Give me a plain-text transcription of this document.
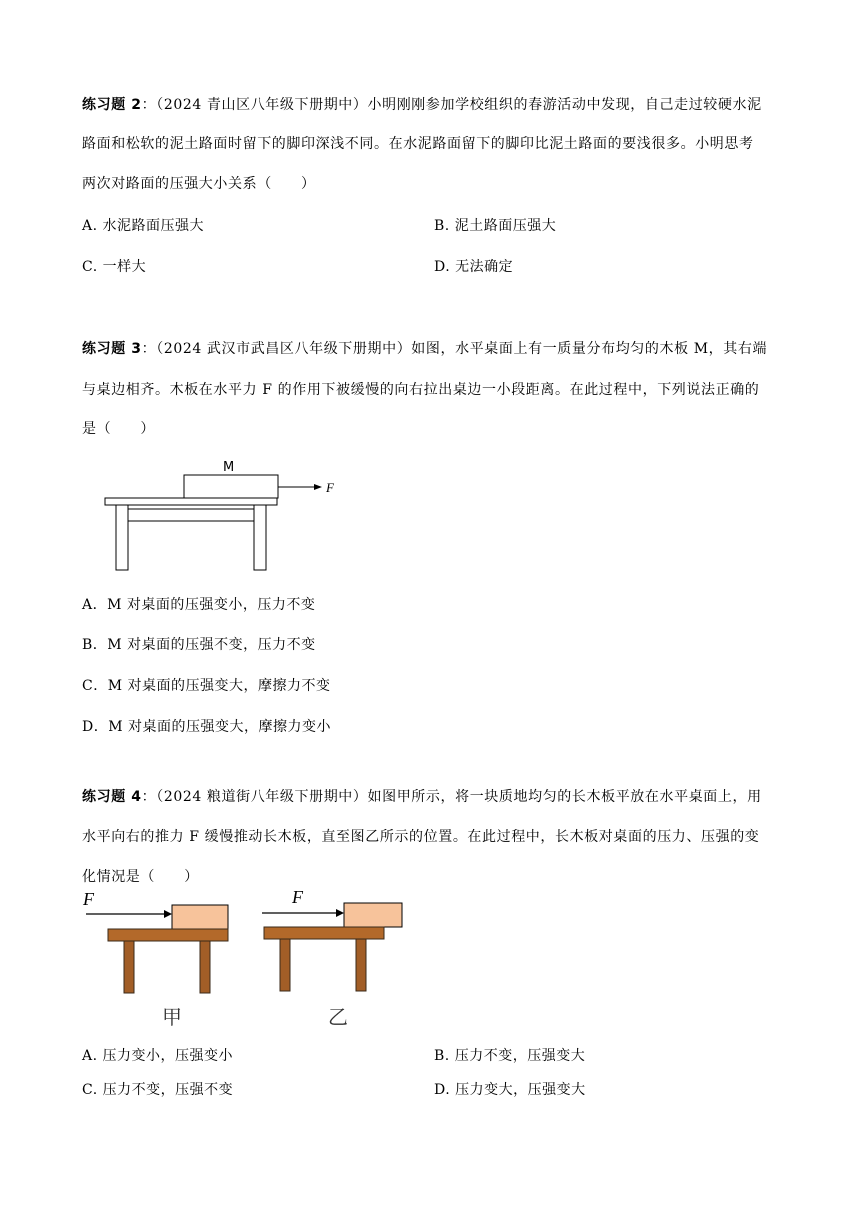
练习题 2：（2024 青山区八年级下册期中）小明刚刚参加学校组织的春游活动中发现，自己走过较硬水泥
路面和松软的泥土路面时留下的脚印深浅不同。在水泥路面留下的脚印比泥土路面的要浅很多。小明思考
两次对路面的压强大小关系（　　）
A. 水泥路面压强大	B. 泥土路面压强大
C. 一样大	D. 无法确定
练习题 3：（2024 武汉市武昌区八年级下册期中）如图，水平桌面上有一质量分布均匀的木板 M，其右端
与桌边相齐。木板在水平力 F 的作用下被缓慢的向右拉出桌边一小段距离。在此过程中，下列说法正确的
是（　　）
M
F
A．M 对桌面的压强变小，压力不变
B．M 对桌面的压强不变，压力不变
C．M 对桌面的压强变大，摩擦力不变
D．M 对桌面的压强变大，摩擦力变小
练习题 4：（2024 粮道街八年级下册期中）如图甲所示，将一块质地均匀的长木板平放在水平桌面上，用
水平向右的推力 F 缓慢推动长木板，直至图乙所示的位置。在此过程中，长木板对桌面的压力、压强的变
化情况是（　　）
F
甲
F
乙
A. 压力变小，压强变小	B. 压力不变，压强变大
C. 压力不变，压强不变	D. 压力变大，压强变大
